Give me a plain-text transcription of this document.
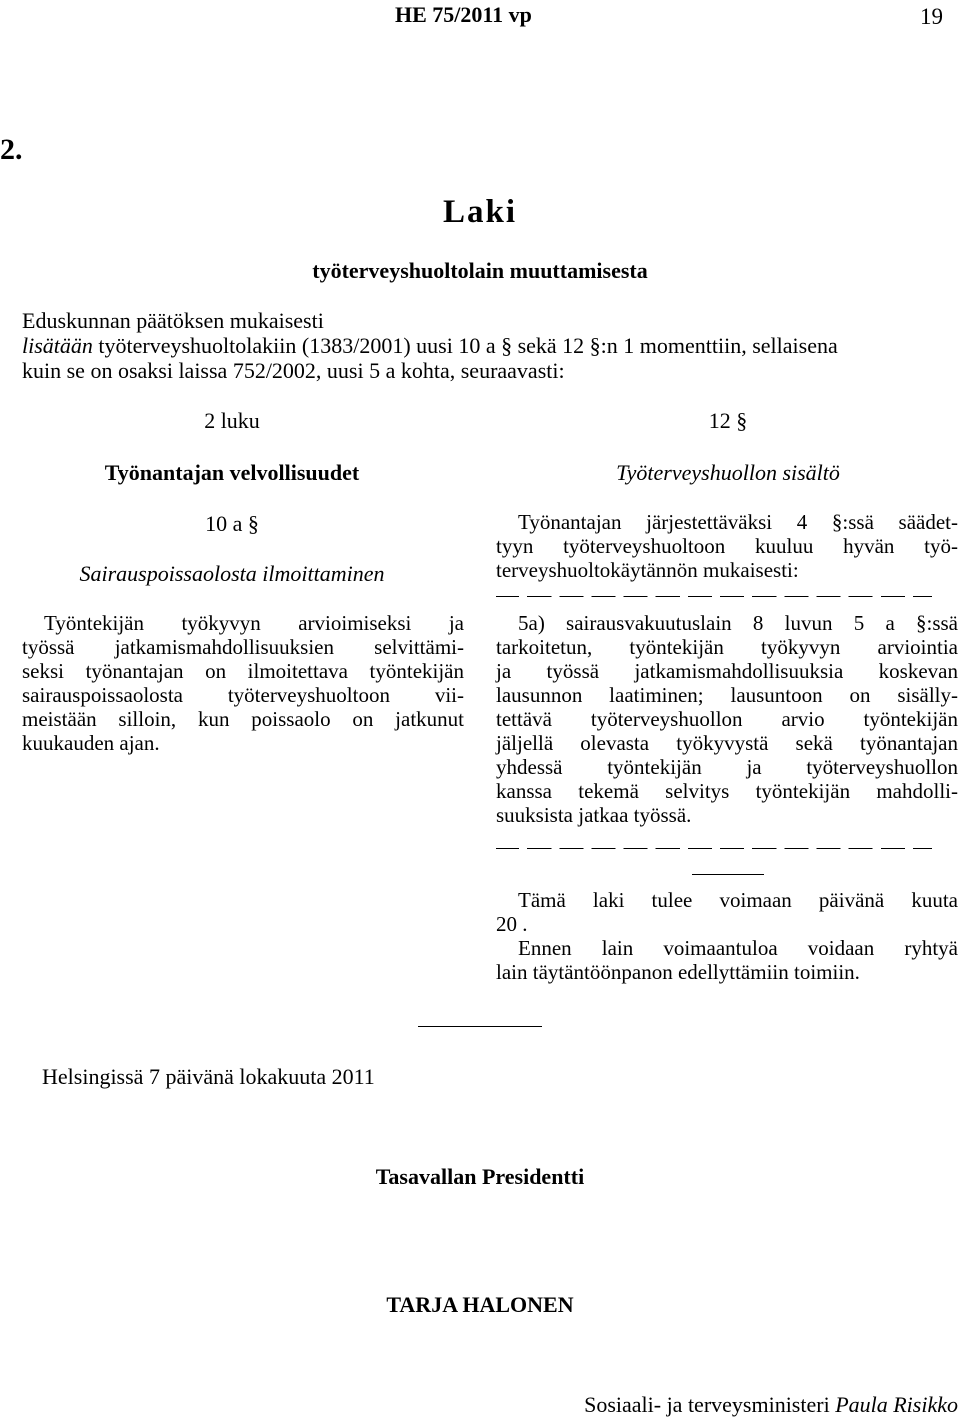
HE 75/2011 vp	19
2.
Laki
työterveyshuoltolain muuttamisesta
Eduskunnan päätöksen mukaisesti
lisätään työterveyshuoltolakiin (1383/2001) uusi 10 a § sekä 12 §:n 1 momenttiin, sellaisena
kuin se on osaksi laissa 752/2002, uusi 5 a kohta, seuraavasti:
2 luku
Työnantajan velvollisuudet
10 a §
Sairauspoissaolosta ilmoittaminen
Työntekijän työkyvyn arvioimiseksi ja
työssä jatkamismahdollisuuksien selvittämi-
seksi työnantajan on ilmoitettava työntekijän
sairauspoissaolosta työterveyshuoltoon vii-
meistään silloin, kun poissaolo on jatkunut
kuukauden ajan.
12 §
Työterveyshuollon sisältö
Työnantajan järjestettäväksi 4 §:ssä säädet-
tyyn työterveyshuoltoon kuuluu hyvän työ-
terveyshuoltokäytännön mukaisesti:
5a) sairausvakuutuslain 8 luvun 5 a §:ssä
tarkoitetun, työntekijän työkyvyn arviointia
ja työssä jatkamismahdollisuuksia koskevan
lausunnon laatiminen; lausuntoon on sisälly-
tettävä työterveyshuollon arvio työntekijän
jäljellä olevasta työkyvystä sekä työnantajan
yhdessä työntekijän ja työterveyshuollon
kanssa tekemä selvitys työntekijän mahdolli-
suuksista jatkaa työssä.
Tämä laki tulee voimaan päivänä kuuta
20 .
Ennen lain voimaantuloa voidaan ryhtyä
lain täytäntöönpanon edellyttämiin toimiin.
Helsingissä 7 päivänä lokakuuta 2011
Tasavallan Presidentti
TARJA HALONEN
Sosiaali- ja terveysministeri Paula Risikko
